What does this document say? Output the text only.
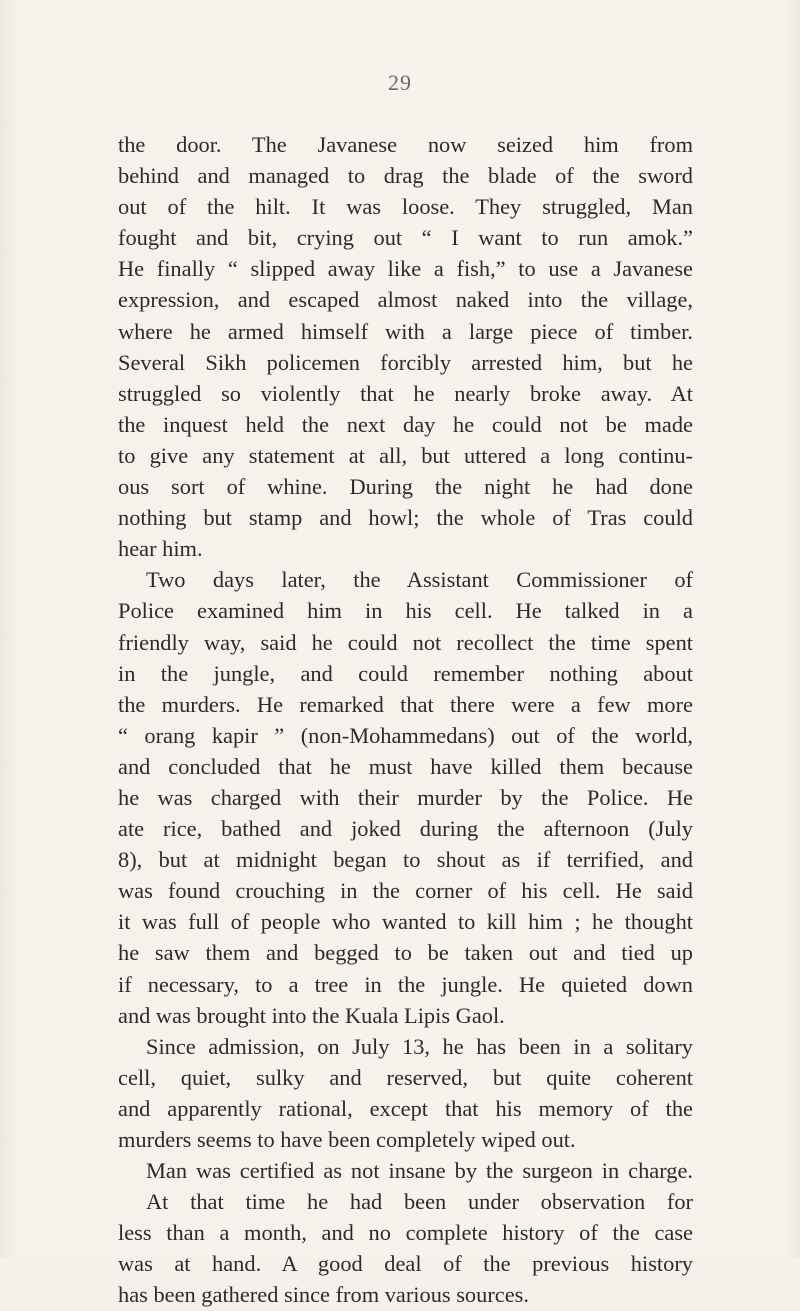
29
the door. The Javanese now seized him from
behind and managed to drag the blade of the sword
out of the hilt. It was loose. They struggled, Man
fought and bit, crying out “ I want to run amok.”
He finally “ slipped away like a fish,” to use a Javanese
expression, and escaped almost naked into the village,
where he armed himself with a large piece of timber.
Several Sikh policemen forcibly arrested him, but he
struggled so violently that he nearly broke away. At
the inquest held the next day he could not be made
to give any statement at all, but uttered a long continu-
ous sort of whine. During the night he had done
nothing but stamp and howl; the whole of Tras could
hear him.
Two days later, the Assistant Commissioner of
Police examined him in his cell. He talked in a
friendly way, said he could not recollect the time spent
in the jungle, and could remember nothing about
the murders. He remarked that there were a few more
“ orang kapir ” (non-Mohammedans) out of the world,
and concluded that he must have killed them because
he was charged with their murder by the Police. He
ate rice, bathed and joked during the afternoon (July
8), but at midnight began to shout as if terrified, and
was found crouching in the corner of his cell. He said
it was full of people who wanted to kill him ; he thought
he saw them and begged to be taken out and tied up
if necessary, to a tree in the jungle. He quieted down
and was brought into the Kuala Lipis Gaol.
Since admission, on July 13, he has been in a solitary
cell, quiet, sulky and reserved, but quite coherent
and apparently rational, except that his memory of the
murders seems to have been completely wiped out.
Man was certified as not insane by the surgeon in charge.
At that time he had been under observation for
less than a month, and no complete history of the case
was at hand. A good deal of the previous history
has been gathered since from various sources.
